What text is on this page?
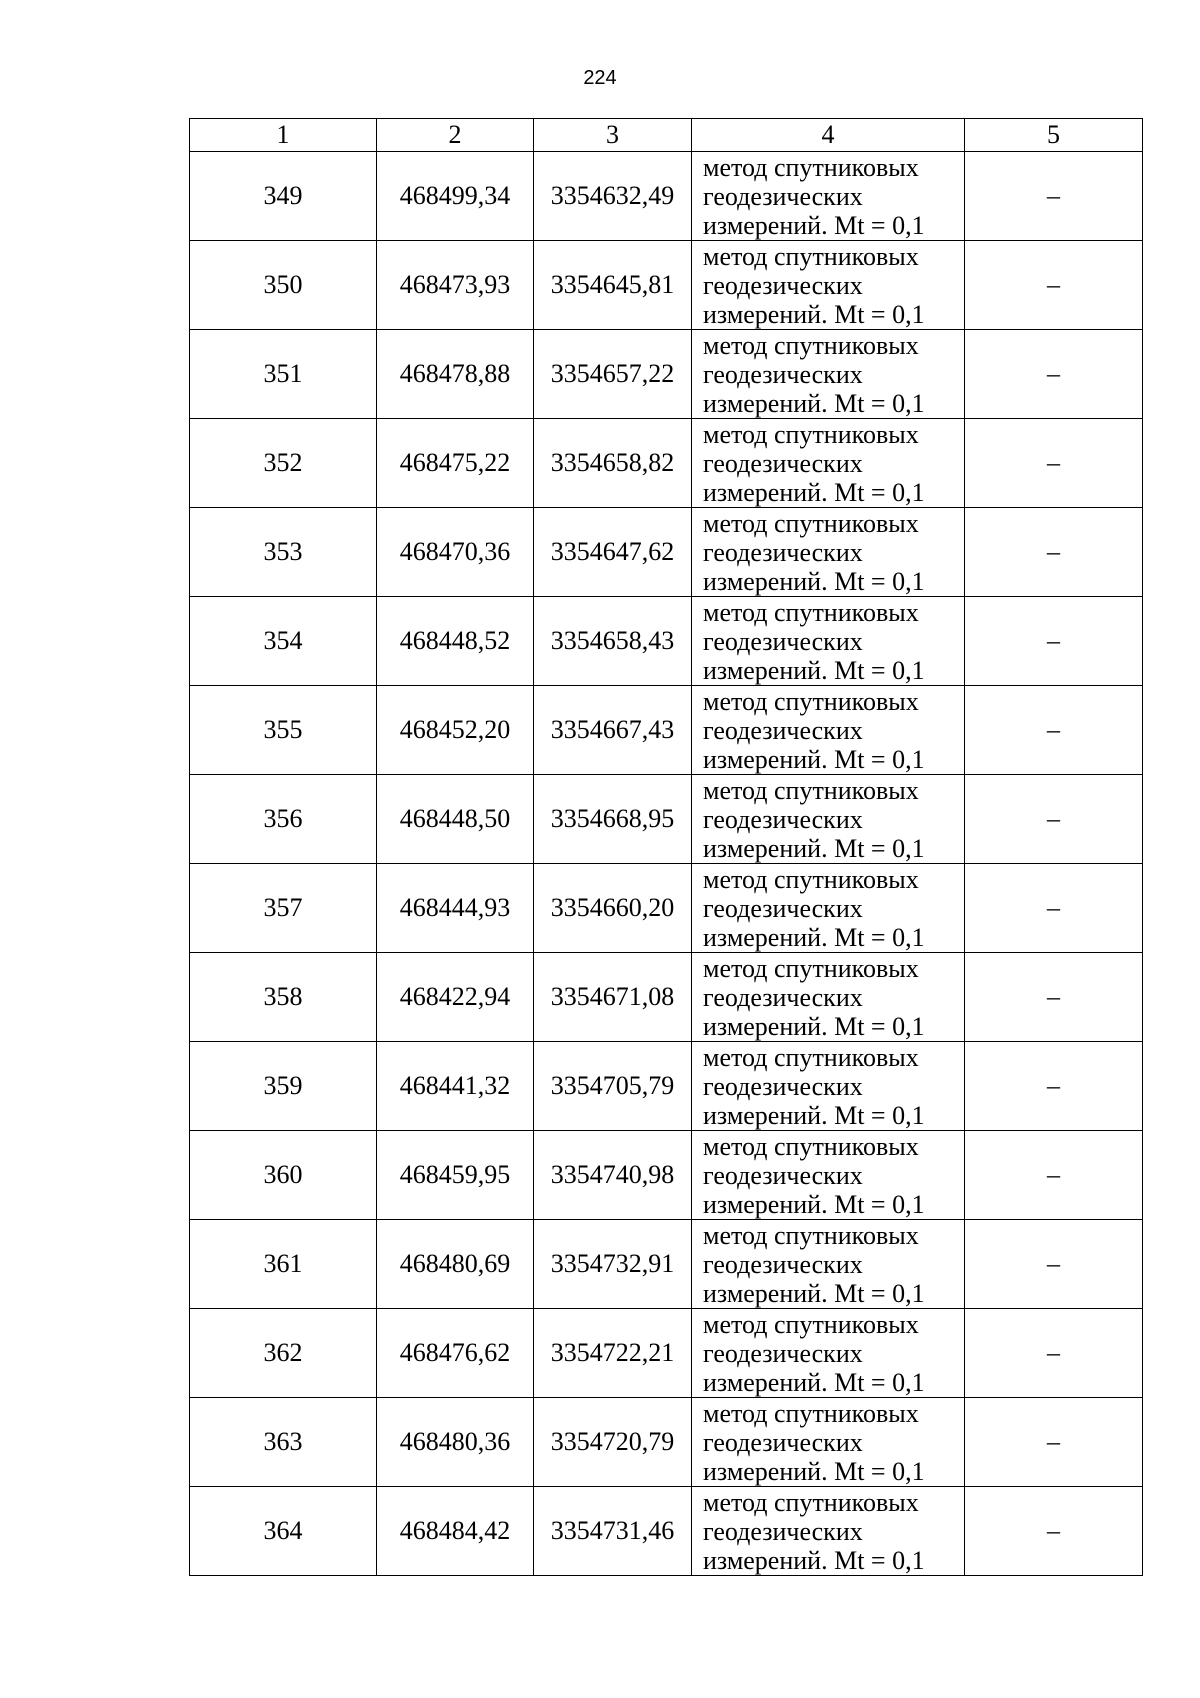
224
1	2	3	4	5
349	468499,34	3354632,49	метод спутниковых
геодезических
измерений. Mt = 0,1	–
350	468473,93	3354645,81	метод спутниковых
геодезических
измерений. Mt = 0,1	–
351	468478,88	3354657,22	метод спутниковых
геодезических
измерений. Mt = 0,1	–
352	468475,22	3354658,82	метод спутниковых
геодезических
измерений. Mt = 0,1	–
353	468470,36	3354647,62	метод спутниковых
геодезических
измерений. Mt = 0,1	–
354	468448,52	3354658,43	метод спутниковых
геодезических
измерений. Mt = 0,1	–
355	468452,20	3354667,43	метод спутниковых
геодезических
измерений. Mt = 0,1	–
356	468448,50	3354668,95	метод спутниковых
геодезических
измерений. Mt = 0,1	–
357	468444,93	3354660,20	метод спутниковых
геодезических
измерений. Mt = 0,1	–
358	468422,94	3354671,08	метод спутниковых
геодезических
измерений. Mt = 0,1	–
359	468441,32	3354705,79	метод спутниковых
геодезических
измерений. Mt = 0,1	–
360	468459,95	3354740,98	метод спутниковых
геодезических
измерений. Mt = 0,1	–
361	468480,69	3354732,91	метод спутниковых
геодезических
измерений. Mt = 0,1	–
362	468476,62	3354722,21	метод спутниковых
геодезических
измерений. Mt = 0,1	–
363	468480,36	3354720,79	метод спутниковых
геодезических
измерений. Mt = 0,1	–
364	468484,42	3354731,46	метод спутниковых
геодезических
измерений. Mt = 0,1	–
